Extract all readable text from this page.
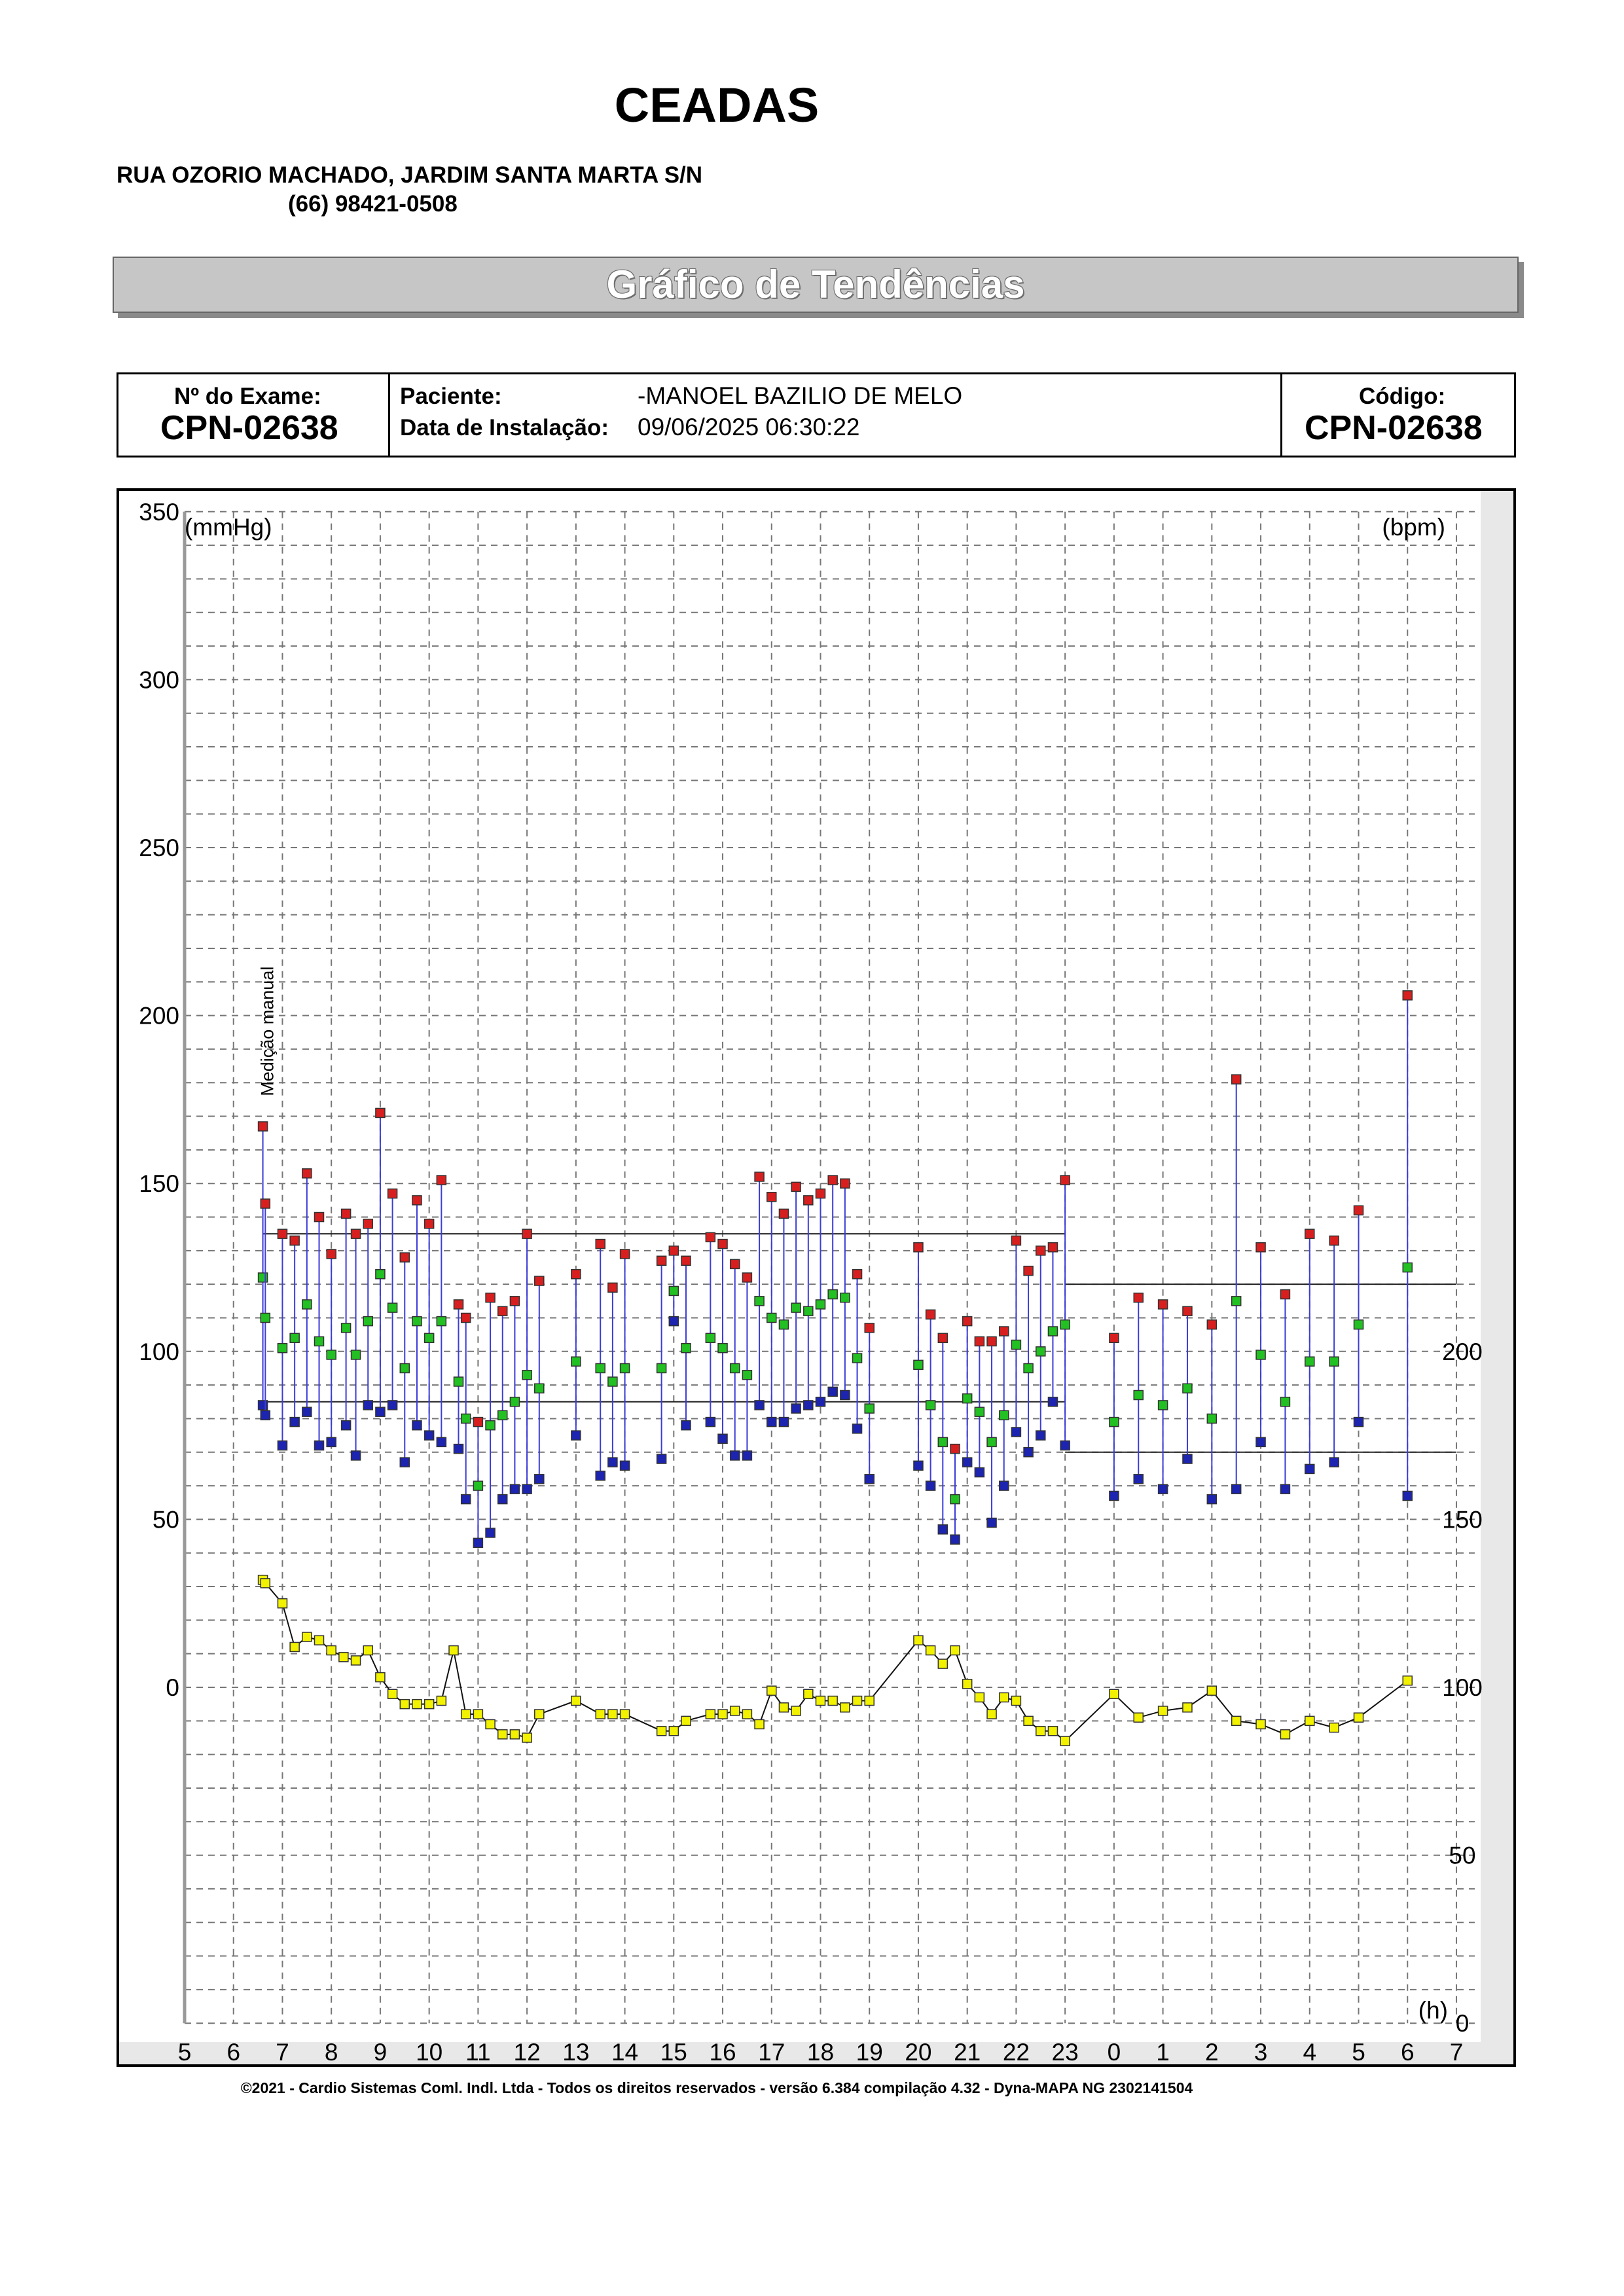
CEADAS
RUA OZORIO MACHADO, JARDIM SANTA MARTA S/N
(66) 98421-0508
Gráfico de Tendências
Nº do Exame:
CPN-02638
Paciente:	-MANOEL BAZILIO DE MELO
Data de Instalação: 09/06/2025 06:30:22
Código:
CPN-02638
0
50
100
150
200
250
300
350
200
150
100
50
0
5 6 7 8 9 10 11 12 13 14 15 16 17 18 19 20 21 22 23 0 1 2 3 4 5 6 7
(mmHg)	(bpm)
(h)
Medição manual
©2021 - Cardio Sistemas Coml. Indl. Ltda - Todos os direitos reservados - versão 6.384 compilação 4.32 - Dyna-MAPA NG 2302141504
